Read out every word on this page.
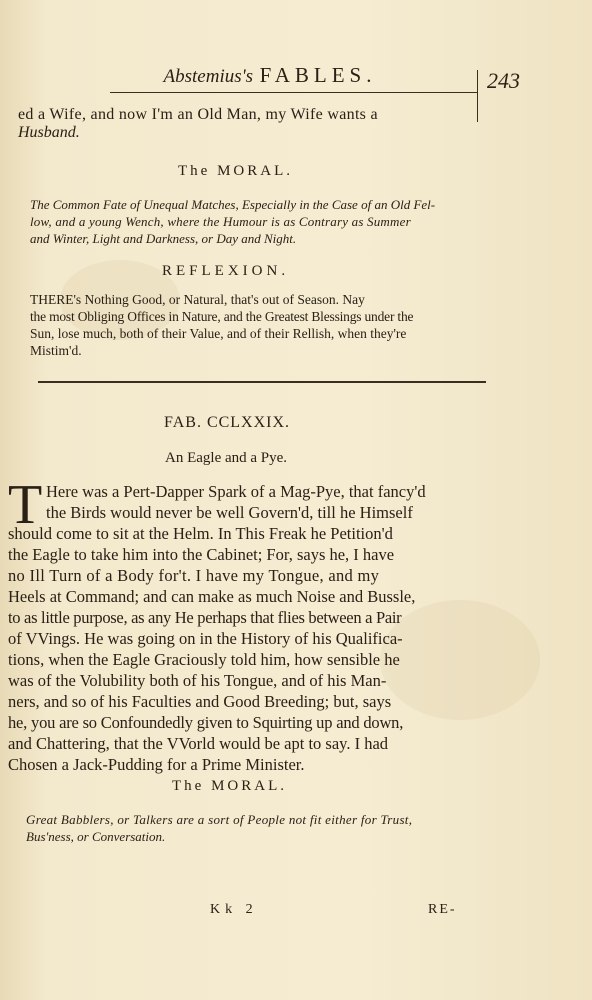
Abstemius's FABLES.	243
ed a Wife, and now I'm an Old Man, my Wife wants a
Husband.
The MORAL.
The Common Fate of Unequal Matches, Especially in the Case of an Old Fel-
low, and a young Wench, where the Humour is as Contrary as Summer
and Winter, Light and Darkness, or Day and Night.
REFLEXION.
THERE's Nothing Good, or Natural, that's out of Season. Nay
the most Obliging Offices in Nature, and the Greatest Blessings under the
Sun, lose much, both of their Value, and of their Rellish, when they're
Mistim'd.
FAB. CCLXXIX.
An Eagle and a Pye.
T Here was a Pert-Dapper Spark of a Mag-Pye, that fancy'd
the Birds would never be well Govern'd, till he Himself
should come to sit at the Helm. In This Freak he Petition'd
the Eagle to take him into the Cabinet; For, says he, I have
no Ill Turn of a Body for't. I have my Tongue, and my
Heels at Command; and can make as much Noise and Bussle,
to as little purpose, as any He perhaps that flies between a Pair
of VVings. He was going on in the History of his Qualifica-
tions, when the Eagle Graciously told him, how sensible he
was of the Volubility both of his Tongue, and of his Man-
ners, and so of his Faculties and Good Breeding; but, says
he, you are so Confoundedly given to Squirting up and down,
and Chattering, that the VVorld would be apt to say. I had
Chosen a Jack-Pudding for a Prime Minister.
The MORAL.
Great Babblers, or Talkers are a sort of People not fit either for Trust,
Bus'ness, or Conversation.
Kk 2	RE-
